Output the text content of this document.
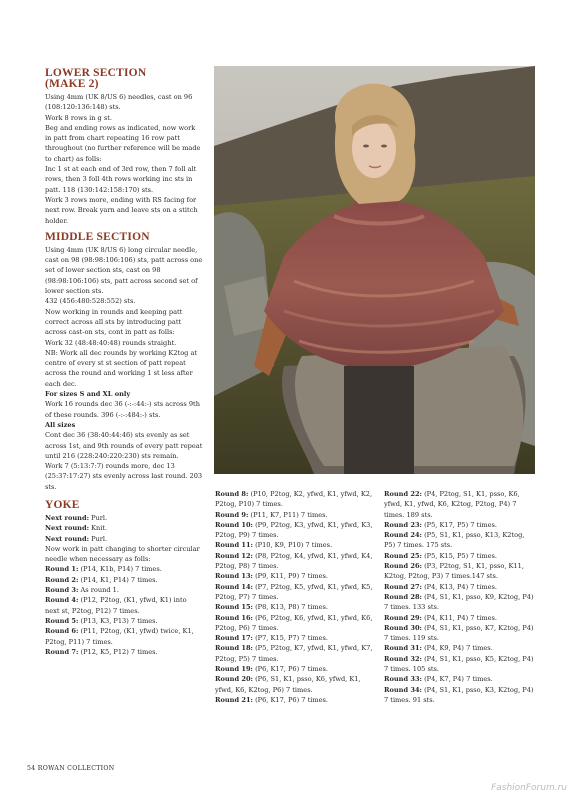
LOWER SECTION

(MAKE 2)

Using 4mm (UK 8/US 6) needles, cast on 96 (108:120:136:148) sts.

Work 8 rows in g st.

Beg and ending rows as indicated, now work in patt from chart repeating 16 row patt throughout (no further reference will be made to chart) as folls:

Inc 1 st at each end of 3rd row, then 7 foll alt rows, then 3 foll 4th rows working inc sts in patt. 118 (130:142:158:170) sts.

Work 3 rows more, ending with RS facing for next row. Break yarn and leave sts on a stitch holder.

MIDDLE SECTION

Using 4mm (UK 8/US 6) long circular needle, cast on 98 (98:98:106:106) sts, patt across one set of lower section sts, cast on 98 (98:98:106:106) sts, patt across second set of lower section sts.

432 (456:480:528:552) sts.

Now working in rounds and keeping patt correct across all sts by introducing patt across cast-on sts, cont in patt as folls:

Work 32 (48:48:40:48) rounds straight.

NB: Work all dec rounds by working K2tog at centre of every st st section of patt repeat across the round and working 1 st less after each dec.

For sizes S and XL only

Work 16 rounds dec 36 (-:-:44:-) sts across 9th of these rounds. 396 (-:-:484:-) sts.

All sizes

Cont dec 36 (38:40:44:46) sts evenly as set across 1st, and 9th rounds of every patt repeat until 216 (228:240:220:230) sts remain.

Work 7 (5:13:7:7) rounds more, dec 13 (25:37:17:27) sts evenly across last round. 203 sts.

YOKE

Next round: Purl.

Next round: Knit.

Next round: Purl.

Now work in patt changing to shorter circular needle when necessary as folls:

Round 1: (P14, K1b, P14) 7 times.

Round 2: (P14, K1, P14) 7 times.

Round 3: As round 1.

Round 4: (P12, P2tog, (K1, yfwd, K1) into next st, P2tog, P12) 7 times.

Round 5: (P13, K3, P13) 7 times.

Round 6: (P11, P2tog, (K1, yfwd) twice, K1, P2tog, P11) 7 times.

Round 7: (P12, K5, P12) 7 times.

Round 8: (P10, P2tog, K2, yfwd, K1, yfwd, K2, P2tog, P10) 7 times.

Round 9: (P11, K7, P11) 7 times.

Round 10: (P9, P2tog, K3, yfwd, K1, yfwd, K3, P2tog, P9) 7 times.

Round 11: (P10, K9, P10) 7 times.

Round 12: (P8, P2tog, K4, yfwd, K1, yfwd, K4, P2tog, P8) 7 times.

Round 13: (P9, K11, P9) 7 times.

Round 14: (P7, P2tog, K5, yfwd, K1, yfwd, K5, P2tog, P7) 7 times.

Round 15: (P8, K13, P8) 7 times.

Round 16: (P6, P2tog, K6, yfwd, K1, yfwd, K6, P2tog, P6) 7 times.

Round 17: (P7, K15, P7) 7 times.

Round 18: (P5, P2tog, K7, yfwd, K1, yfwd, K7, P2tog, P5) 7 times.

Round 19: (P6, K17, P6) 7 times.

Round 20: (P6, S1, K1, psso, K6, yfwd, K1, yfwd, K6, K2tog, P6) 7 times.

Round 21: (P6, K17, P6) 7 times.

Round 22: (P4, P2tog, S1, K1, psso, K6, yfwd, K1, yfwd, K6, K2tog, P2tog, P4) 7 times. 189 sts.

Round 23: (P5, K17, P5) 7 times.

Round 24: (P5, S1, K1, psso, K13, K2tog, P5) 7 times. 175 sts.

Round 25: (P5, K15, P5) 7 times.

Round 26: (P3, P2tog, S1, K1, psso, K11, K2tog, P2tog, P3) 7 times.147 sts.

Round 27: (P4, K13, P4) 7 times.

Round 28: (P4, S1, K1, psso, K9, K2tog, P4) 7 times. 133 sts.

Round 29: (P4, K11, P4) 7 times.

Round 30: (P4, S1, K1, psso, K7, K2tog, P4) 7 times. 119 sts.

Round 31: (P4, K9, P4) 7 times.

Round 32: (P4, S1, K1, psso, K5, K2tog, P4) 7 times. 105 sts.

Round 33: (P4, K7, P4) 7 times.

Round 34: (P4, S1, K1, psso, K3, K2tog, P4) 7 times. 91 sts.

54 ROWAN COLLECTION
FashionForum.ru
